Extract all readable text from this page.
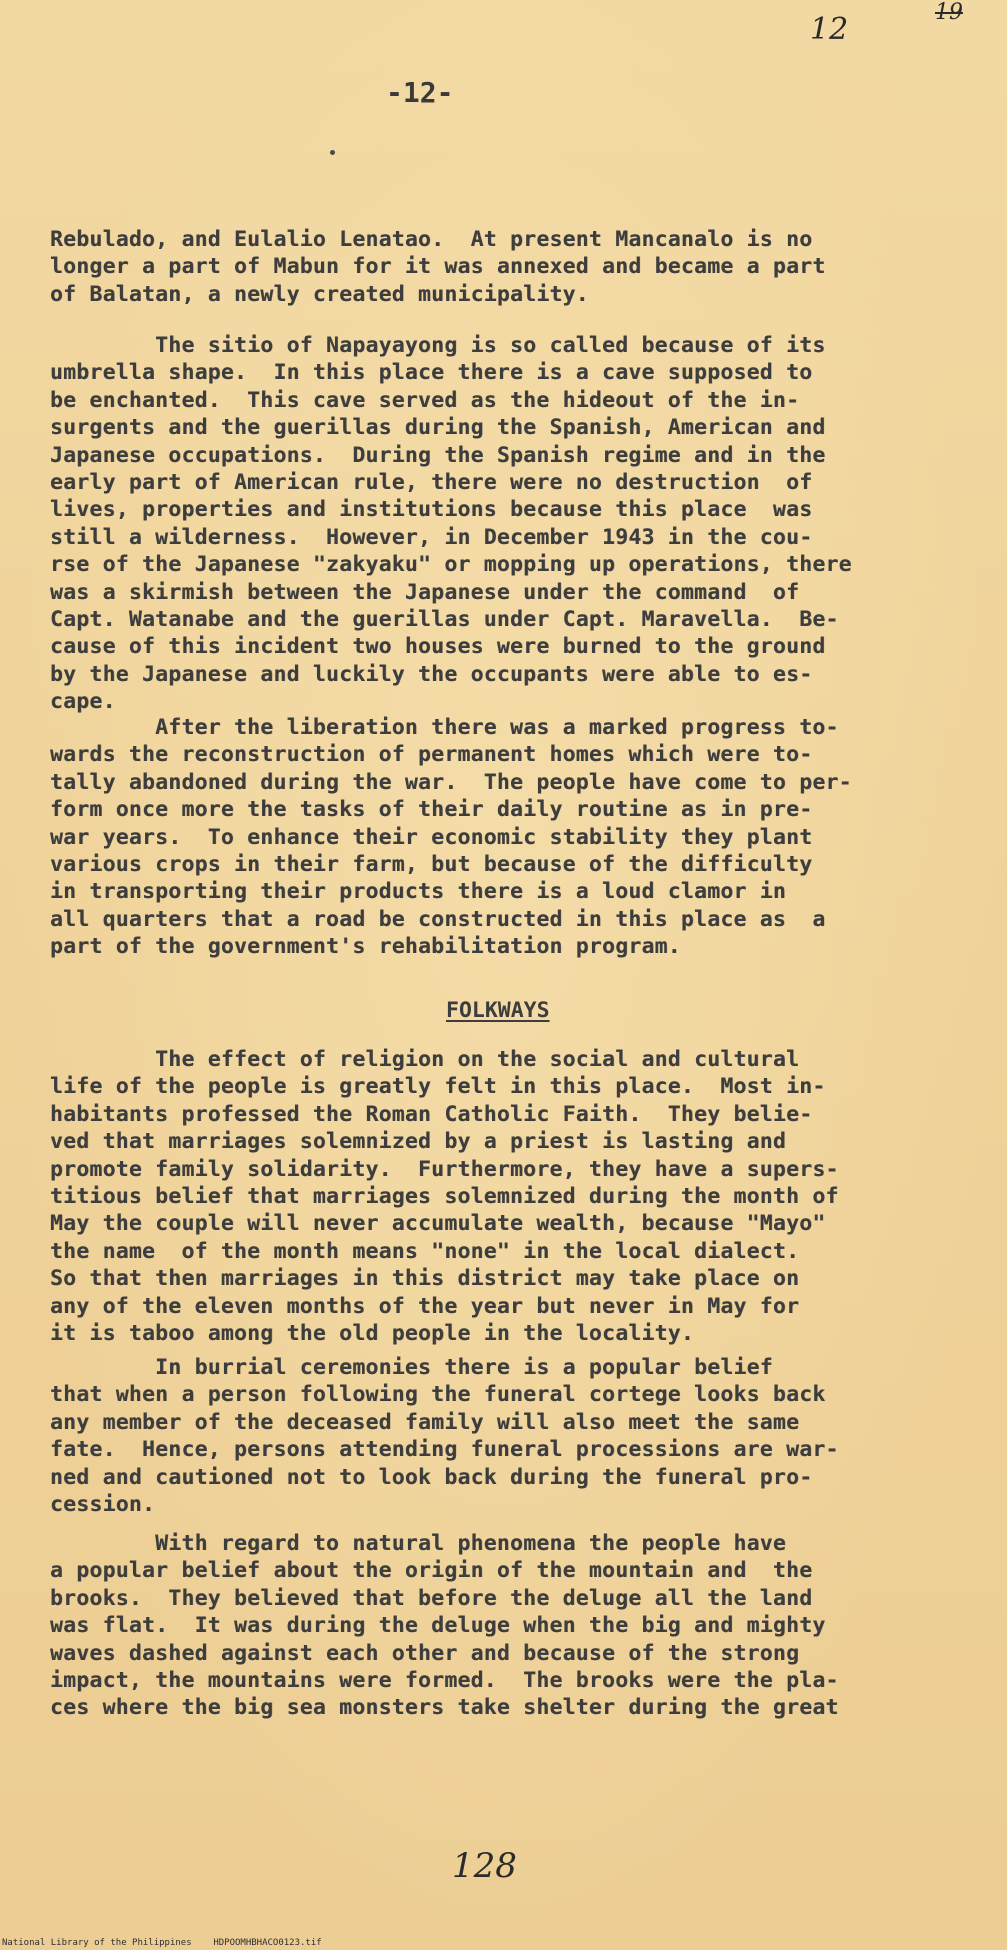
12	19
-12-

Rebulado, and Eulalio Lenatao.  At present Mancanalo is no
longer a part of Mabun for it was annexed and became a part
of Balatan, a newly created municipality.

The sitio of Napayayong is so called because of its
umbrella shape.  In this place there is a cave supposed to
be enchanted.  This cave served as the hideout of the in-
surgents and the guerillas during the Spanish, American and
Japanese occupations.  During the Spanish regime and in the
early part of American rule, there were no destruction  of
lives, properties and institutions because this place  was
still a wilderness.  However, in December 1943 in the cou-
rse of the Japanese "zakyaku" or mopping up operations, there
was a skirmish between the Japanese under the command  of
Capt. Watanabe and the guerillas under Capt. Maravella.  Be-
cause of this incident two houses were burned to the ground
by the Japanese and luckily the occupants were able to es-
cape.

After the liberation there was a marked progress to-
wards the reconstruction of permanent homes which were to-
tally abandoned during the war.  The people have come to per-
form once more the tasks of their daily routine as in pre-
war years.  To enhance their economic stability they plant
various crops in their farm, but because of the difficulty
in transporting their products there is a loud clamor in
all quarters that a road be constructed in this place as  a
part of the government's rehabilitation program.

FOLKWAYS

The effect of religion on the social and cultural
life of the people is greatly felt in this place.  Most in-
habitants professed the Roman Catholic Faith.  They belie-
ved that marriages solemnized by a priest is lasting and
promote family solidarity.  Furthermore, they have a supers-
titious belief that marriages solemnized during the month of
May the couple will never accumulate wealth, because "Mayo"
the name  of the month means "none" in the local dialect.
So that then marriages in this district may take place on
any of the eleven months of the year but never in May for
it is taboo among the old people in the locality.

In burrial ceremonies there is a popular belief
that when a person following the funeral cortege looks back
any member of the deceased family will also meet the same
fate.  Hence, persons attending funeral processions are war-
ned and cautioned not to look back during the funeral pro-
cession.

With regard to natural phenomena the people have
a popular belief about the origin of the mountain and  the
brooks.  They believed that before the deluge all the land
was flat.  It was during the deluge when the big and mighty
waves dashed against each other and because of the strong
impact, the mountains were formed.  The brooks were the pla-
ces where the big sea monsters take shelter during the great

128
National Library of the Philippines    HDPOOMHBHACO0123.tif
